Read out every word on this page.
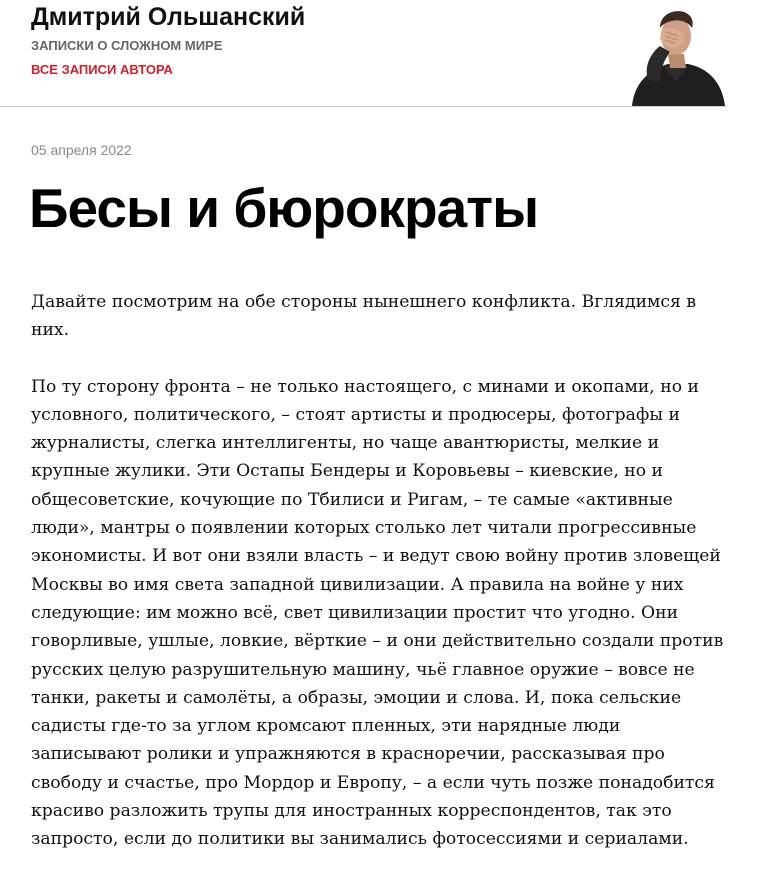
Дмитрий Ольшанский
ЗАПИСКИ О СЛОЖНОМ МИРЕ
ВСЕ ЗАПИСИ АВТОРА
05 апреля 2022
Бесы и бюрократы

Давайте посмотрим на обе стороны нынешнего конфликта. Вглядимся в них.

По ту сторону фронта – не только настоящего, с минами и окопами, но и условного, политического, – стоят артисты и продюсеры, фотографы и журналисты, слегка интеллигенты, но чаще авантюристы, мелкие и крупные жулики. Эти Остапы Бендеры и Коровьевы – киевские, но и общесоветские, кочующие по Тбилиси и Ригам, – те самые «активные люди», мантры о появлении которых столько лет читали прогрессивные экономисты. И вот они взяли власть – и ведут свою войну против зловещей Москвы во имя света западной цивилизации. А правила на войне у них следующие: им можно всё, свет цивилизации простит что угодно. Они говорливые, ушлые, ловкие, вёрткие – и они действительно создали против русских целую разрушительную машину, чьё главное оружие – вовсе не танки, ракеты и самолёты, а образы, эмоции и слова. И, пока сельские садисты где-то за углом кромсают пленных, эти нарядные люди записывают ролики и упражняются в красноречии, рассказывая про свободу и счастье, про Мордор и Европу, – а если чуть позже понадобится красиво разложить трупы для иностранных корреспондентов, так это запросто, если до политики вы занимались фотосессиями и сериалами.
